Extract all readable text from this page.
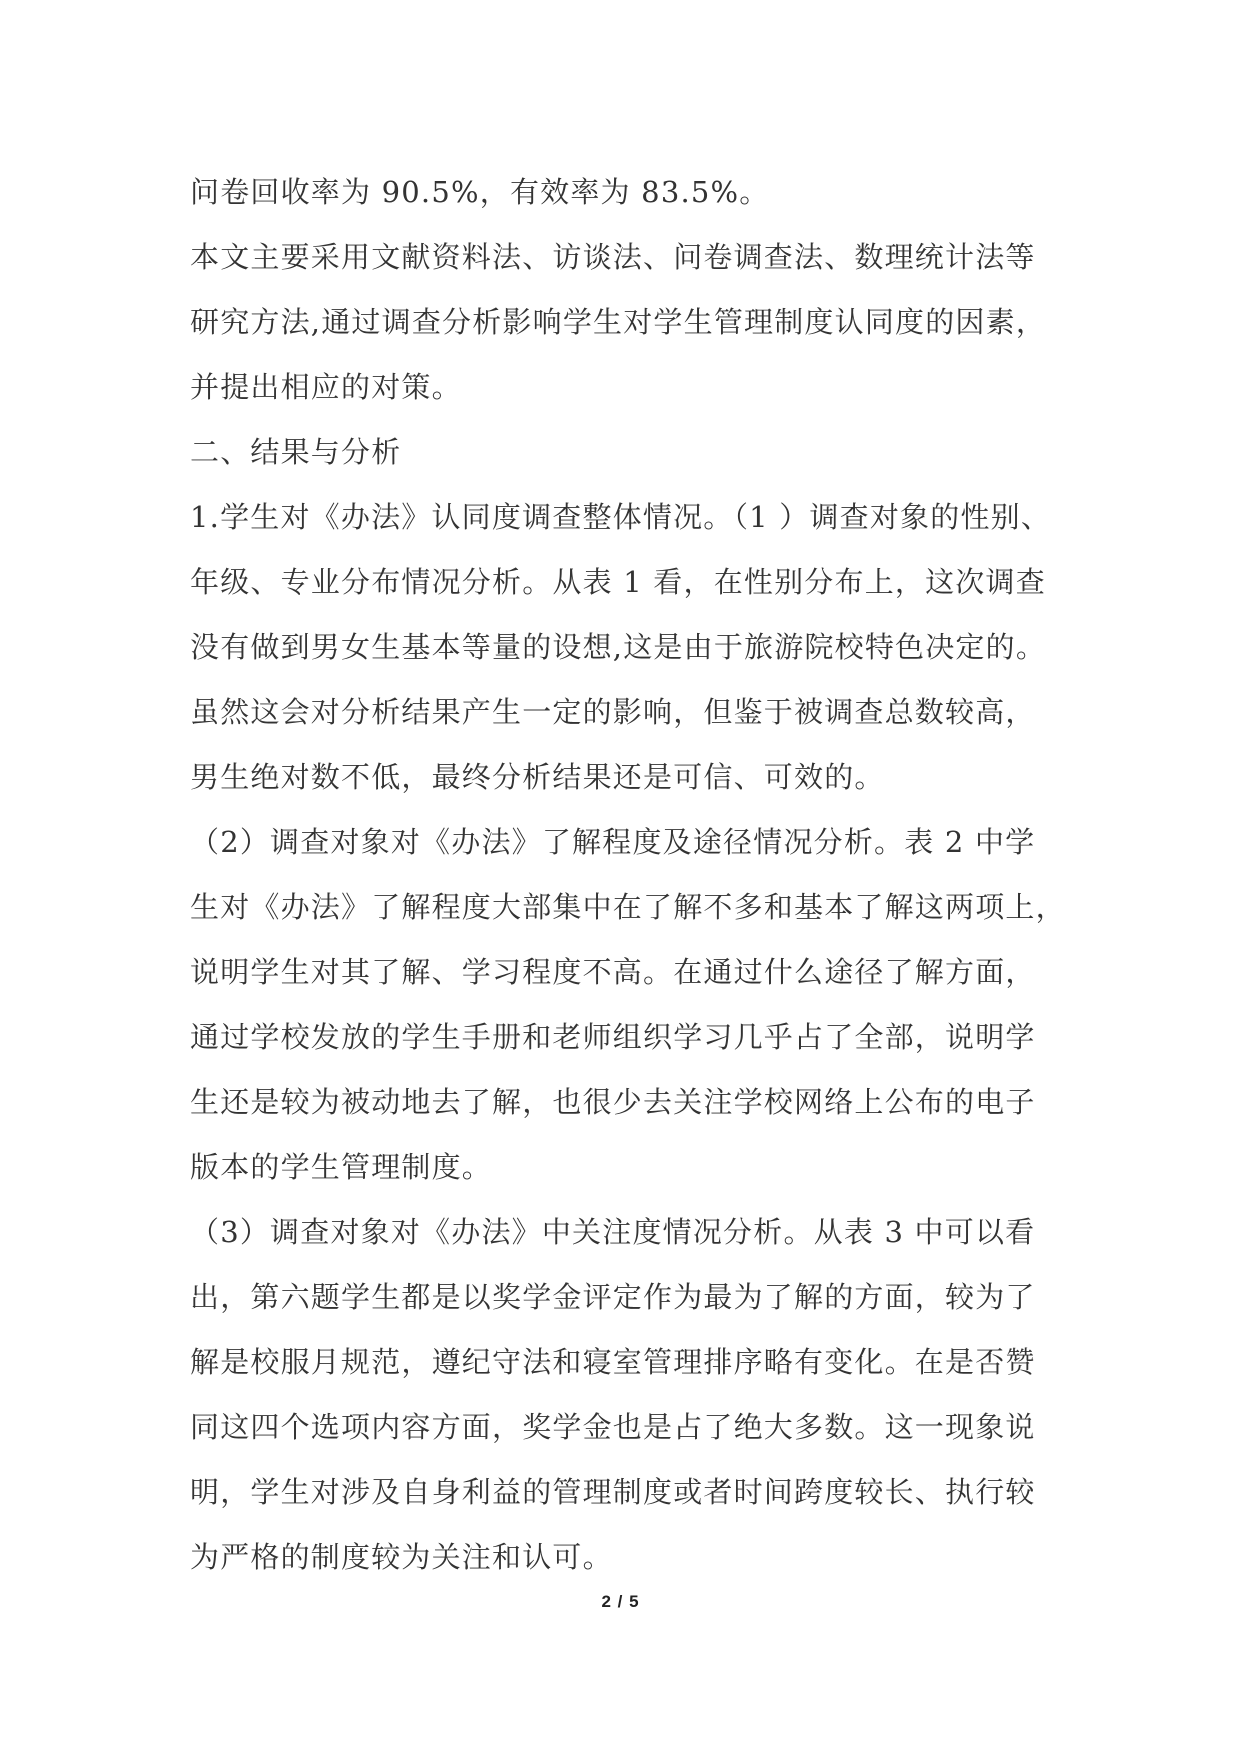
问卷回收率为 90.5%，有效率为 83.5%。
本文主要采用文献资料法、访谈法、问卷调查法、数理统计法等
研究方法,通过调查分析影响学生对学生管理制度认同度的因素，
并提出相应的对策。
二、结果与分析
1.学生对《办法》认同度调查整体情况。（1 ）调查对象的性别、
年级、专业分布情况分析。从表 1 看，在性别分布上，这次调查
没有做到男女生基本等量的设想,这是由于旅游院校特色决定的。
虽然这会对分析结果产生一定的影响，但鉴于被调查总数较高，
男生绝对数不低，最终分析结果还是可信、可效的。
（2）调查对象对《办法》了解程度及途径情况分析。表 2 中学
生对《办法》了解程度大部集中在了解不多和基本了解这两项上，
说明学生对其了解、学习程度不高。在通过什么途径了解方面，
通过学校发放的学生手册和老师组织学习几乎占了全部，说明学
生还是较为被动地去了解，也很少去关注学校网络上公布的电子
版本的学生管理制度。
（3）调查对象对《办法》中关注度情况分析。从表 3 中可以看
出，第六题学生都是以奖学金评定作为最为了解的方面，较为了
解是校服月规范，遵纪守法和寝室管理排序略有变化。在是否赞
同这四个选项内容方面，奖学金也是占了绝大多数。这一现象说
明，学生对涉及自身利益的管理制度或者时间跨度较长、执行较
为严格的制度较为关注和认可。
2 / 5
